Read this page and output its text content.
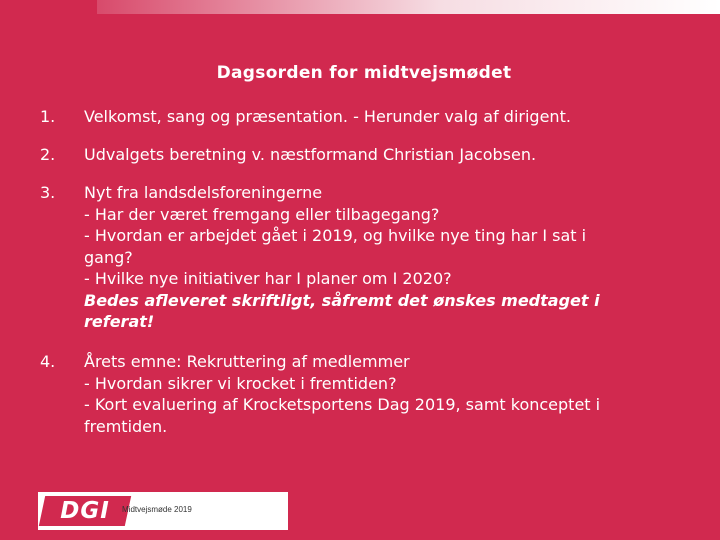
Dagsorden for midtvejsmødet
1. Velkomst, sang og præsentation. - Herunder valg af dirigent.
2. Udvalgets beretning v. næstformand Christian Jacobsen.
3. Nyt fra landsdelsforeningerne
- Har der været fremgang eller tilbagegang?
- Hvordan er arbejdet gået i 2019, og hvilke nye ting har I sat i
gang?
- Hvilke nye initiativer har I planer om I 2020?
Bedes afleveret skriftligt, såfremt det ønskes medtaget i
referat!
4. Årets emne: Rekruttering af medlemmer
- Hvordan sikrer vi krocket i fremtiden?
- Kort evaluering af Krocketsportens Dag 2019, samt konceptet i
fremtiden.
DGI	Midtvejsmøde 2019
